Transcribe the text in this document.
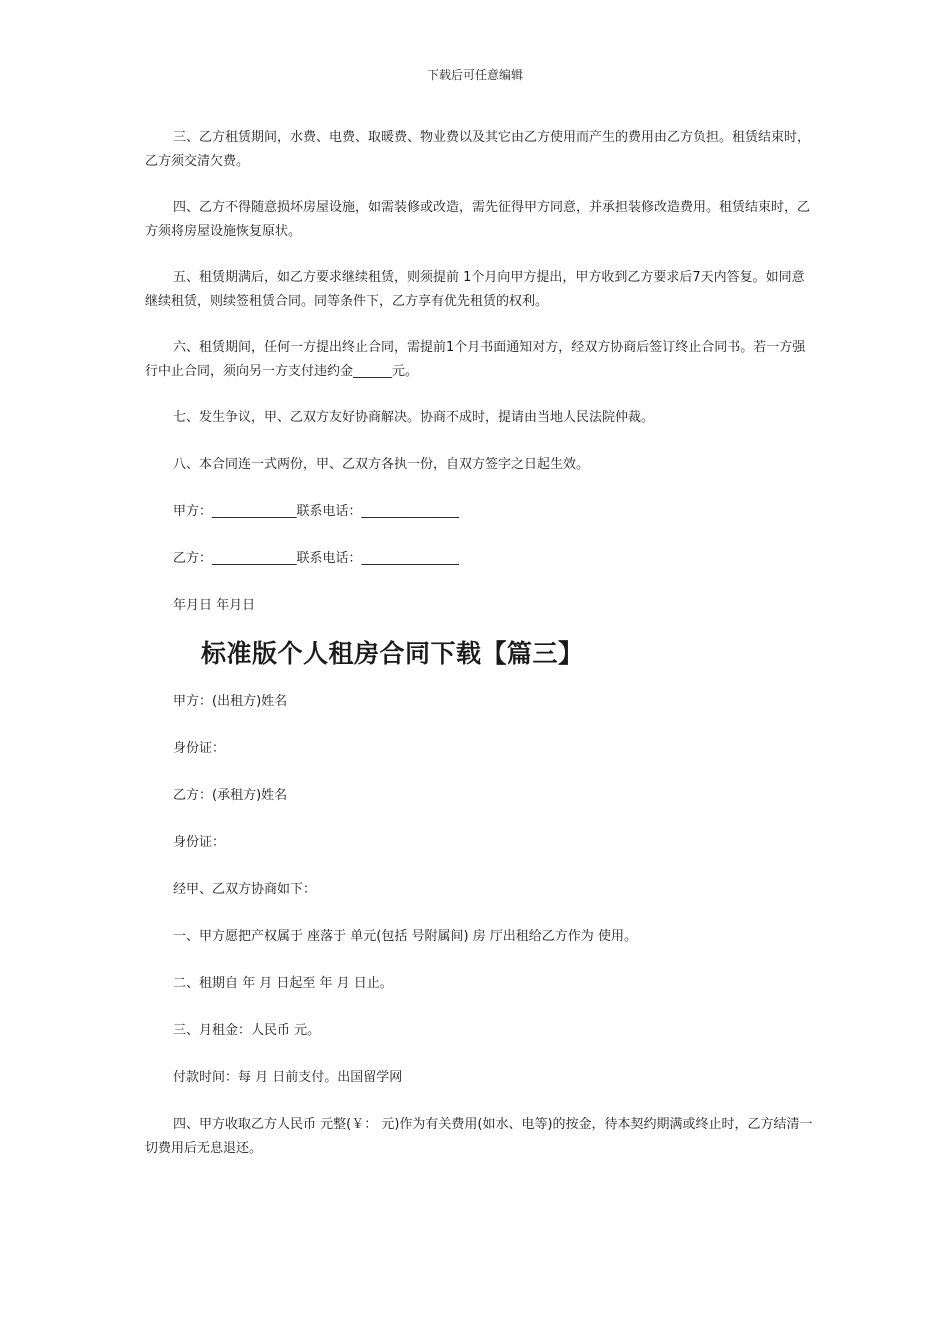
下载后可任意编辑

三、乙方租赁期间，水费、电费、取暖费、物业费以及其它由乙方使用而产生的费用由乙方负担。租赁结束时，乙方须交清欠费。

四、乙方不得随意损坏房屋设施，如需装修或改造，需先征得甲方同意，并承担装修改造费用。租赁结束时，乙方须将房屋设施恢复原状。

五、租赁期满后，如乙方要求继续租赁，则须提前 1个月向甲方提出，甲方收到乙方要求后7天内答复。如同意继续租赁，则续签租赁合同。同等条件下，乙方享有优先租赁的权利。

六、租赁期间，任何一方提出终止合同，需提前1个月书面通知对方，经双方协商后签订终止合同书。若一方强行中止合同，须向另一方支付违约金______元。

七、发生争议，甲、乙双方友好协商解决。协商不成时，提请由当地人民法院仲裁。

八、本合同连一式两份，甲、乙双方各执一份，自双方签字之日起生效。

甲方：_____________联系电话：_______________

乙方：_____________联系电话：_______________

年月日 年月日

标准版个人租房合同下载【篇三】

甲方：(出租方)姓名

身份证：

乙方：(承租方)姓名

身份证：

经甲、乙双方协商如下：

一、甲方愿把产权属于 座落于 单元(包括 号附属间) 房 厅出租给乙方作为 使用。

二、租期自 年 月 日起至 年 月 日止。

三、月租金：人民币 元。

付款时间：每 月 日前支付。出国留学网

四、甲方收取乙方人民币 元整(￥： 元)作为有关费用(如水、电等)的按金，待本契约期满或终止时，乙方结清一切费用后无息退还。
